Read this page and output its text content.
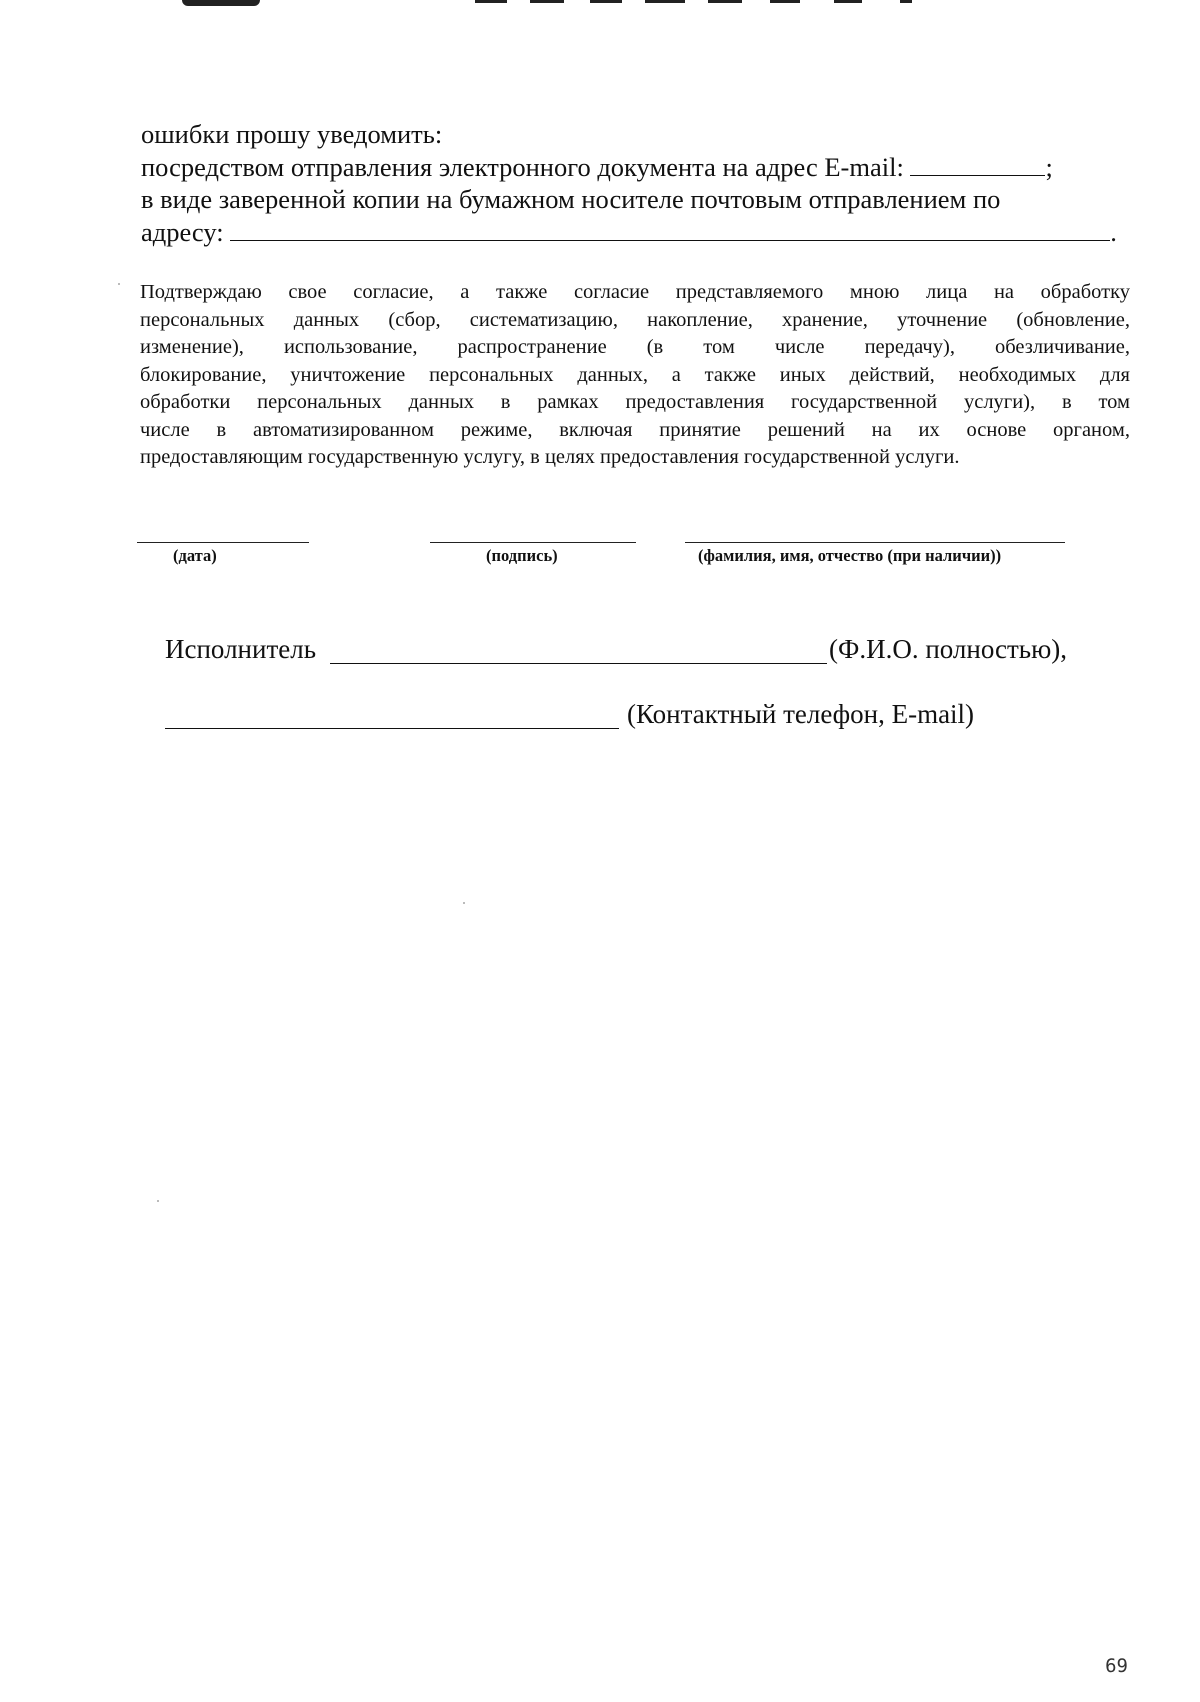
ошибки прошу уведомить:
посредством отправления электронного документа на адрес E-mail:	;
в виде заверенной копии на бумажном носителе почтовым отправлением по
адресу:	.
Подтверждаю свое согласие, а также согласие представляемого мною лица на обработку
персональных данных (сбор, систематизацию, накопление, хранение, уточнение (обновление,
изменение), использование, распространение (в том числе передачу), обезличивание,
блокирование, уничтожение персональных данных, а также иных действий, необходимых для
обработки персональных данных в рамках предоставления государственной услуги), в том
числе в автоматизированном режиме, включая принятие решений на их основе органом,
предоставляющим государственную услугу, в целях предоставления государственной услуги.
(дата)	(подпись)	(фамилия, имя, отчество (при наличии))
Исполнитель	(Ф.И.О. полностью),
(Контактный телефон, E-mail)
69
